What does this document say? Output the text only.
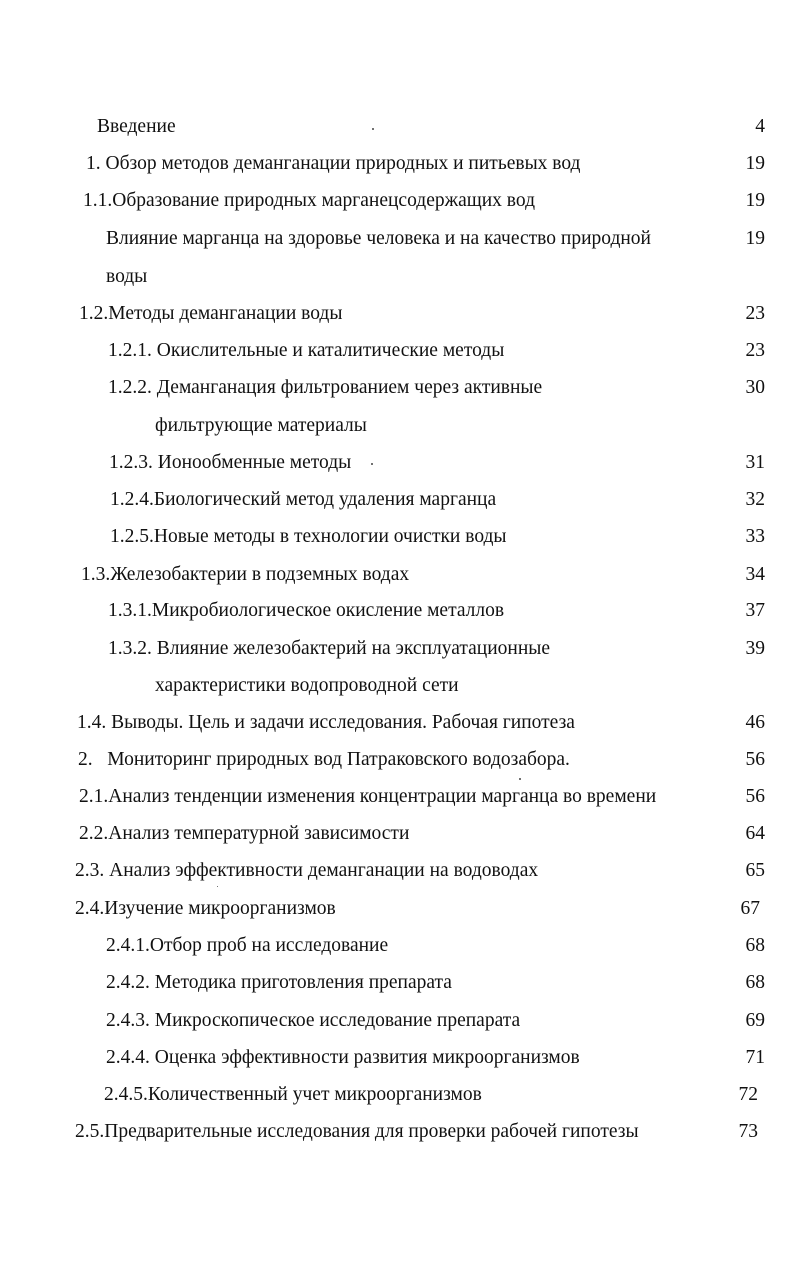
Введение	4
1. Обзор методов деманганации природных и питьевых вод	19
1.1.Образование природных марганецсодержащих вод	19
Влияние марганца на здоровье человека и на качество природной	19
воды
1.2.Методы деманганации воды	23
1.2.1. Окислительные и каталитические методы	23
1.2.2. Деманганация фильтрованием через активные	30
фильтрующие материалы
1.2.3. Ионообменные методы	31
1.2.4.Биологический метод удаления марганца	32
1.2.5.Новые методы в технологии очистки воды	33
1.3.Железобактерии в подземных водах	34
1.3.1.Микробиологическое окисление металлов	37
1.3.2. Влияние железобактерий на эксплуатационные	39
характеристики водопроводной сети
1.4. Выводы. Цель и задачи исследования. Рабочая гипотеза	46
2.   Мониторинг природных вод Патраковского водозабора.	56
2.1.Анализ тенденции изменения концентрации марганца во времени	56
2.2.Анализ температурной зависимости	64
2.3. Анализ эффективности деманганации на водоводах	65
2.4.Изучение микроорганизмов	67
2.4.1.Отбор проб на исследование	68
2.4.2. Методика приготовления препарата	68
2.4.3. Микроскопическое исследование препарата	69
2.4.4. Оценка эффективности развития микроорганизмов	71
2.4.5.Количественный учет микроорганизмов	72
2.5.Предварительные исследования для проверки рабочей гипотезы	73
